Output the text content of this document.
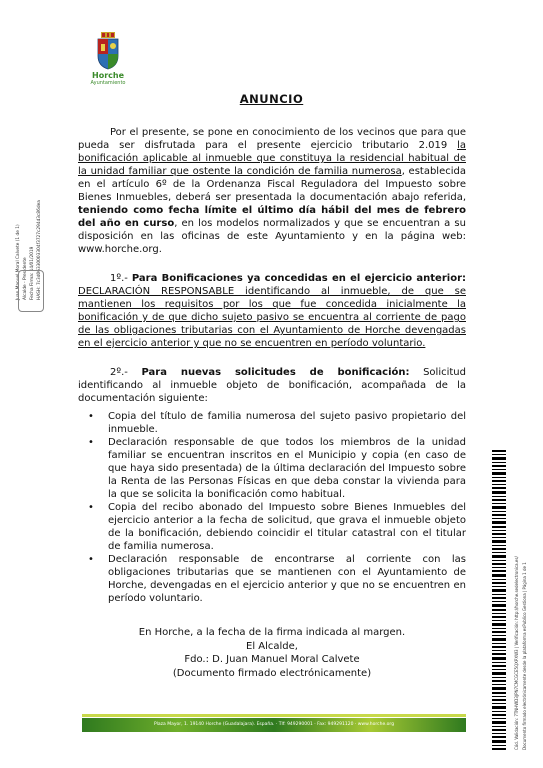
Horche
Ayuntamiento
Juan Manuel Moral Calvete (1 de 1) Alcalde - Presidente Fecha Firma: 14/01/2019 HASH: 7c3d06330003304f3727c294d3c86dea
ANUNCIO

Por el presente, se pone en conocimiento de los vecinos que para que pueda ser disfrutada para el presente ejercicio tributario 2.019 la bonificación aplicable al inmueble que constituya la residencial habitual de la unidad familiar que ostente la condición de familia numerosa, establecida en el artículo 6º de la Ordenanza Fiscal Reguladora del Impuesto sobre Bienes Inmuebles, deberá ser presentada la documentación abajo referida, teniendo como fecha límite el último día hábil del mes de febrero del año en curso, en los modelos normalizados y que se encuentran a su disposición en las oficinas de este Ayuntamiento y en la página web: www.horche.org.

1º.- Para Bonificaciones ya concedidas en el ejercicio anterior: DECLARACIÓN RESPONSABLE identificando al inmueble, de que se mantienen los requisitos por los que fue concedida inicialmente la bonificación y de que dicho sujeto pasivo se encuentra al corriente de pago de las obligaciones tributarias con el Ayuntamiento de Horche devengadas en el ejercicio anterior y que no se encuentren en período voluntario.

2º.- Para nuevas solicitudes de bonificación: Solicitud identificando al inmueble objeto de bonificación, acompañada de la documentación siguiente:

• Copia del título de familia numerosa del sujeto pasivo propietario del inmueble.
• Declaración responsable de que todos los miembros de la unidad familiar se encuentran inscritos en el Municipio y copia (en caso de que haya sido presentada) de la última declaración del Impuesto sobre la Renta de las Personas Físicas en que deba constar la vivienda para la que se solicita la bonificación como habitual.
• Copia del recibo abonado del Impuesto sobre Bienes Inmuebles del ejercicio anterior a la fecha de solicitud, que grava el inmueble objeto de la bonificación, debiendo coincidir el titular catastral con el titular de familia numerosa.
• Declaración responsable de encontrarse al corriente con las obligaciones tributarias que se mantienen con el Ayuntamiento de Horche, devengadas en el ejercicio anterior y que no se encuentren en período voluntario.
En Horche, a la fecha de la firma indicada al margen.
El Alcalde,
Fdo.: D. Juan Manuel Moral Calvete
(Documento firmado electrónicamente)
Plaza Mayor, 1. 19140 Horche (Guadalajara). España. · Tlf: 949290001 · Fax: 949291120 · www.horche.org	Cód. Validación: 7TNHWD3JPN7CMCGCE5QXPXW3 | Verificación: http://horche.sedelectronica.es/ Documento firmado electrónicamente desde la plataforma esPublico Gestiona | Página 1 de 1
